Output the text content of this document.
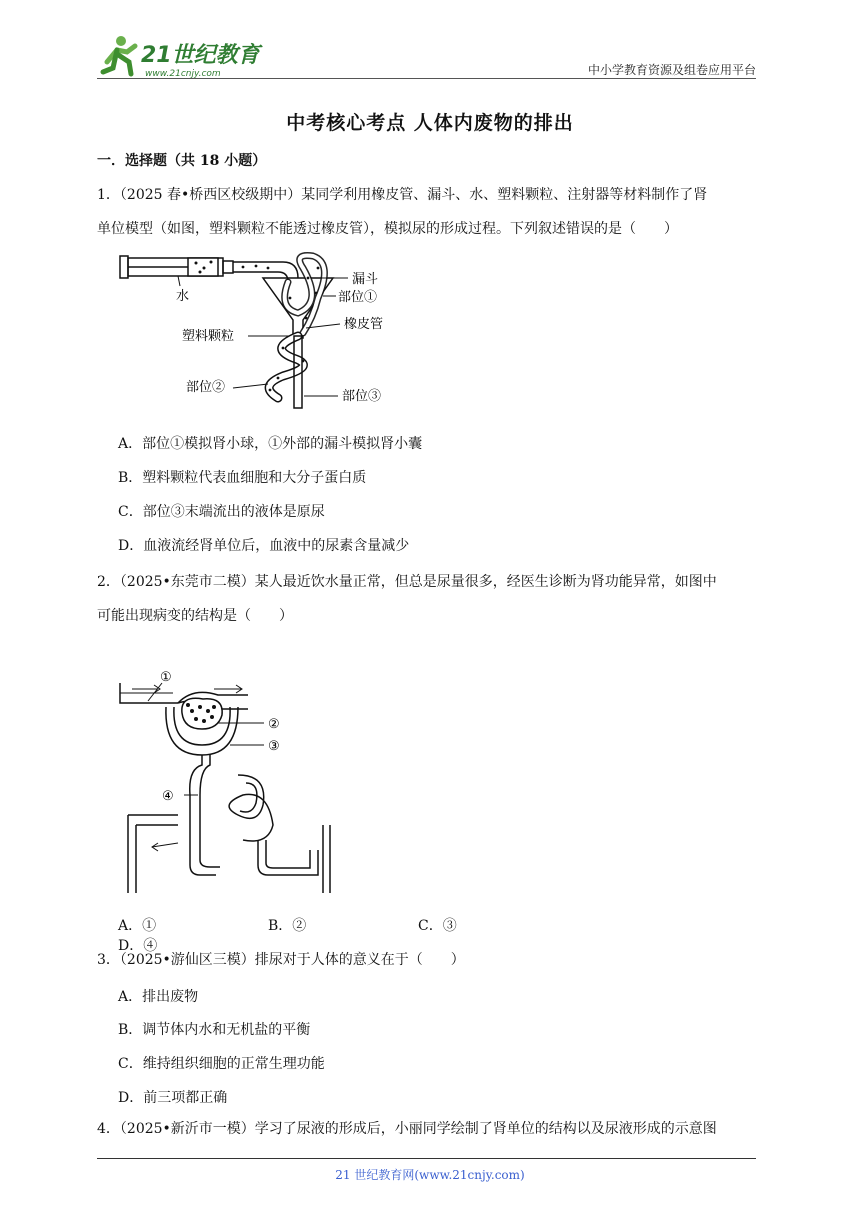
21世纪教育
www.21cnjy.com	中小学教育资源及组卷应用平台
中考核心考点 人体内废物的排出
一．选择题（共 18 小题）
1．（2025 春•桥西区校级期中）某同学利用橡皮管、漏斗、水、塑料颗粒、注射器等材料制作了肾
单位模型（如图，塑料颗粒不能透过橡皮管），模拟尿的形成过程。下列叙述错误的是（　　）
水
漏斗
部位①
塑料颗粒
橡皮管
部位②
部位③
A．部位①模拟肾小球，①外部的漏斗模拟肾小囊
B．塑料颗粒代表血细胞和大分子蛋白质
C．部位③末端流出的液体是原尿
D．血液流经肾单位后，血液中的尿素含量减少
2．（2025•东莞市二模）某人最近饮水量正常，但总是尿量很多，经医生诊断为肾功能异常，如图中
可能出现病变的结构是（　　）
①
②
③
④
A．①	B．②	C．③D．④
3．（2025•游仙区三模）排尿对于人体的意义在于（　　）
A．排出废物
B．调节体内水和无机盐的平衡
C．维持组织细胞的正常生理功能
D．前三项都正确
4．（2025•新沂市一模）学习了尿液的形成后，小丽同学绘制了肾单位的结构以及尿液形成的示意图
21 世纪教育网(www.21cnjy.com)
